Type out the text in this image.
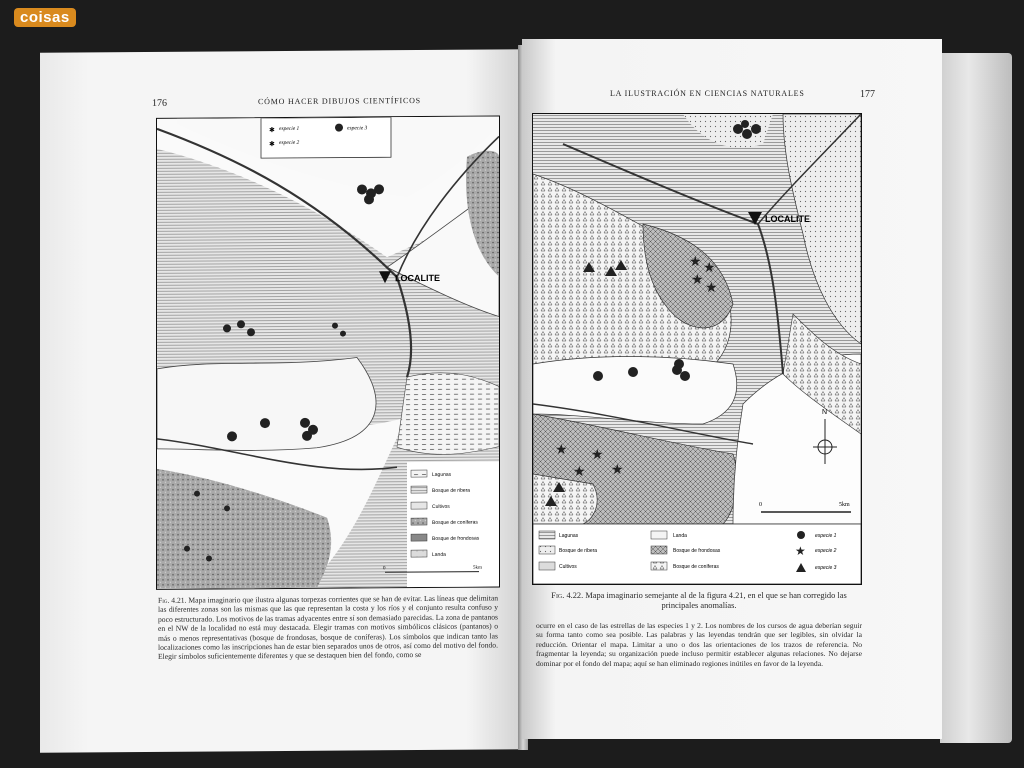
coisas
176	CÓMO HACER DIBUJOS CIENTÍFICOS
LOCALITE
especie 1
especie 2
especie 3
✱
✱
Lagunas
Bosque de ribera
Cultivos
Bosque de coníferas
Bosque de frondosas
Landa
0	5km

Fig. 4.21. Mapa imaginario que ilustra algunas torpezas corrientes que se han de evitar. Las líneas que delimitan las diferentes zonas son las mismas que las que representan la costa y los ríos y el conjunto resulta confuso y poco estructurado. Los motivos de las tramas adyacentes entre sí son demasiado parecidas. La zona de pantanos en el NW de la localidad no está muy destacada. Elegir tramas con motivos simbólicos clásicos (pantanos) o más o menos representativas (bosque de frondosas, bosque de coníferas). Los símbolos que indican tanto las localizaciones como las inscripciones han de estar bien separados unos de otros, así como del motivo del fondo. Elegir símbolos suficientemente diferentes y que se destaquen bien del fondo, como se

LA ILUSTRACIÓN EN CIENCIAS NATURALES	177
★ ★
★
★
★ ★
★ ★
LOCALITE
N
0	5km
Lagunas
Bosque de ribera
Cultivos
Landa
Bosque de frondosas
Bosque de coníferas
especie 1
★ especie 2
especie 3
Fig. 4.22. Mapa imaginario semejante al de la figura 4.21, en el que se han corregido las principales anomalías.

ocurre en el caso de las estrellas de las especies 1 y 2. Los nombres de los cursos de agua deberían seguir su forma tanto como sea posible. Las palabras y las leyendas tendrán que ser legibles, sin olvidar la reducción. Orientar el mapa. Limitar a uno o dos las orientaciones de los trazos de referencia. No fragmentar la leyenda; su organización puede incluso permitir establecer algunas relaciones. No dejarse dominar por el fondo del mapa; aquí se han eliminado regiones inútiles en favor de la leyenda.
